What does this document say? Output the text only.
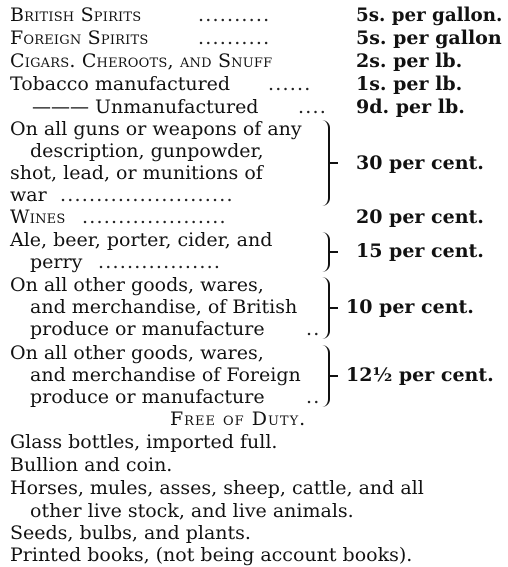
British Spirits	..........	5s. per gallon.
Foreign Spirits	..........	5s. per gallon
Cigars. Cheroots, and Snuff	2s. per lb.
Tobacco manufactured ......	1s. per lb.
——— Unmanufactured ....	9d. per lb.
On all guns or weapons of any
description, gunpowder,
shot, lead, or munitions of
war ........................
30 per cent.
Wines ....................	20 per cent.
Ale, beer, porter, cider, and
perry .................	15 per cent.
On all other goods, wares,
and merchandise, of British
produce or manufacture ..
10 per cent.
On all other goods, wares,
and merchandise of Foreign
produce or manufacture ..
12½ per cent.
Free of Duty.
Glass bottles, imported full.
Bullion and coin.
Horses, mules, asses, sheep, cattle, and all
other live stock, and live animals.
Seeds, bulbs, and plants.
Printed books, (not being account books).
